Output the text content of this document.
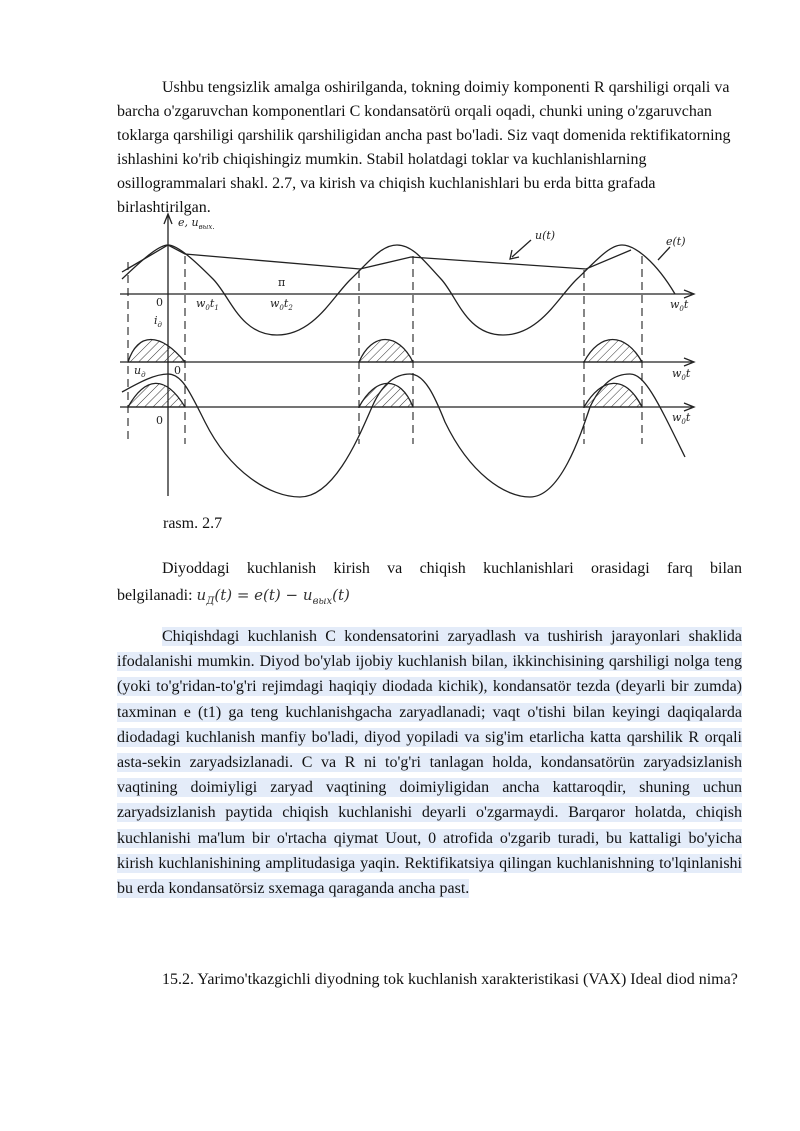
Ushbu tengsizlik amalga oshirilganda, tokning doimiy komponenti R qarshiligi orqali va barcha o'zgaruvchan komponentlari C kondansatörü orqali oqadi, chunki uning o'zgaruvchan toklarga qarshiligi qarshilik qarshiligidan ancha past bo'ladi. Siz vaqt domenida rektifikatorning ishlashini ko'rib chiqishingiz mumkin. Stabil holatdagi toklar va kuchlanishlarning osillogrammalari shakl. 2.7, va kirish va chiqish kuchlanishlari bu erda bitta grafada birlashtirilgan.

e, $u_{вых.}$
u(t)	e(t)
π
0	$w_0t_1$	$w_0t_2$	$w_0t$
$i_д$
$u_д$	0	$w_0t$
0	$w_0t$

rasm. 2.7

Diyoddagi kuchlanish kirish va chiqish kuchlanishlari orasidagi farq bilan belgilanadi: $u_Д(t) = e(t) - u_{вых}(t)$

Chiqishdagi kuchlanish C kondensatorini zaryadlash va tushirish jarayonlari shaklida ifodalanishi mumkin. Diyod bo'ylab ijobiy kuchlanish bilan, ikkinchisining qarshiligi nolga teng (yoki to'g'ridan-to'g'ri rejimdagi haqiqiy diodada kichik), kondansatör tezda (deyarli bir zumda) taxminan e (t1) ga teng kuchlanishgacha zaryadlanadi; vaqt o'tishi bilan keyingi daqiqalarda diodadagi kuchlanish manfiy bo'ladi, diyod yopiladi va sig'im etarlicha katta qarshilik R orqali asta-sekin zaryadsizlanadi. C va R ni to'g'ri tanlagan holda, kondansatörün zaryadsizlanish vaqtining doimiyligi zaryad vaqtining doimiyligidan ancha kattaroqdir, shuning uchun zaryadsizlanish paytida chiqish kuchlanishi deyarli o'zgarmaydi. Barqaror holatda, chiqish kuchlanishi ma'lum bir o'rtacha qiymat Uout, 0 atrofida o'zgarib turadi, bu kattaligi bo'yicha kirish kuchlanishining amplitudasiga yaqin. Rektifikatsiya qilingan kuchlanishning to'lqinlanishi bu erda kondansatörsiz sxemaga qaraganda ancha past.

15.2. Yarimo'tkazgichli diyodning tok kuchlanish xarakteristikasi (VAX) Ideal diod nima?
